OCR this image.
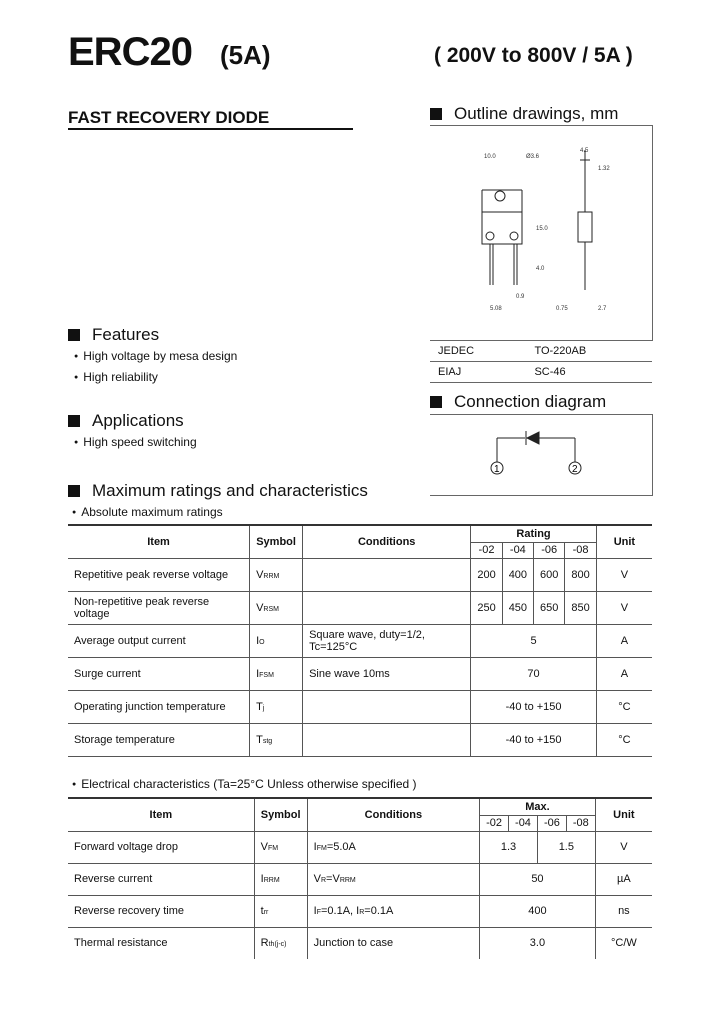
ERC20 (5A)	( 200V to 800V / 5A )
FAST RECOVERY DIODE	Outline drawings, mm
10.0	Ø3.6
4.5
1.32
15.0
4.0
5.08
0.9
0.75	2.7
JEDEC	TO-220AB
EIAJ	SC-46
Features
● High voltage by mesa design
● High reliability
Applications
● High speed switching
Connection diagram
1	2
Maximum ratings and characteristics
● Absolute maximum ratings
Item	Symbol	Conditions	Rating				Unit
			-02	-04	-06	-08	
Repetitive peak reverse voltage	VRRM		200	400	600	800	V
Non-repetitive peak reverse voltage	VRSM		250	450	650	850	V
Average output current	IO	Square wave, duty=1/2, Tc=125°C	5				A
Surge current	IFSM	Sine wave 10ms	70				A
Operating junction temperature	Tj		-40 to +150				°C
Storage temperature	Tstg		-40 to +150				°C
● Electrical characteristics (Ta=25°C Unless otherwise specified )
Item	Symbol	Conditions	Max.				Unit
			-02	-04	-06	-08	
Forward voltage drop	VFM	IFM=5.0A	1.3		1.5		V
Reverse current	IRRM	VR=VRRM	50				µA
Reverse recovery time	trr	IF=0.1A, IR=0.1A	400				ns
Thermal resistance	Rth(j-c)	Junction to case	3.0				°C/W
